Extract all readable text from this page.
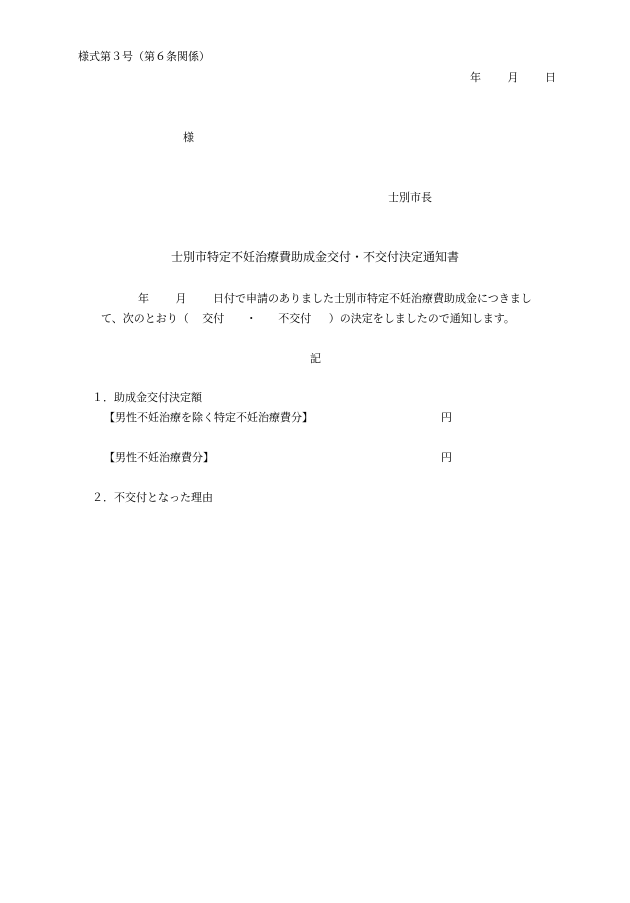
様式第３号（第６条関係）
年 月 日
様
士別市長
士別市特定不妊治療費助成金交付・不交付決定通知書
年 月 日付で申請のありました士別市特定不妊治療費助成金につきまし
て、次のとおり（ 交付 ・ 不交付 ）の決定をしましたので通知します。
記
１．助成金交付決定額
【男性不妊治療を除く特定不妊治療費分】	円
【男性不妊治療費分】	円
２．不交付となった理由
